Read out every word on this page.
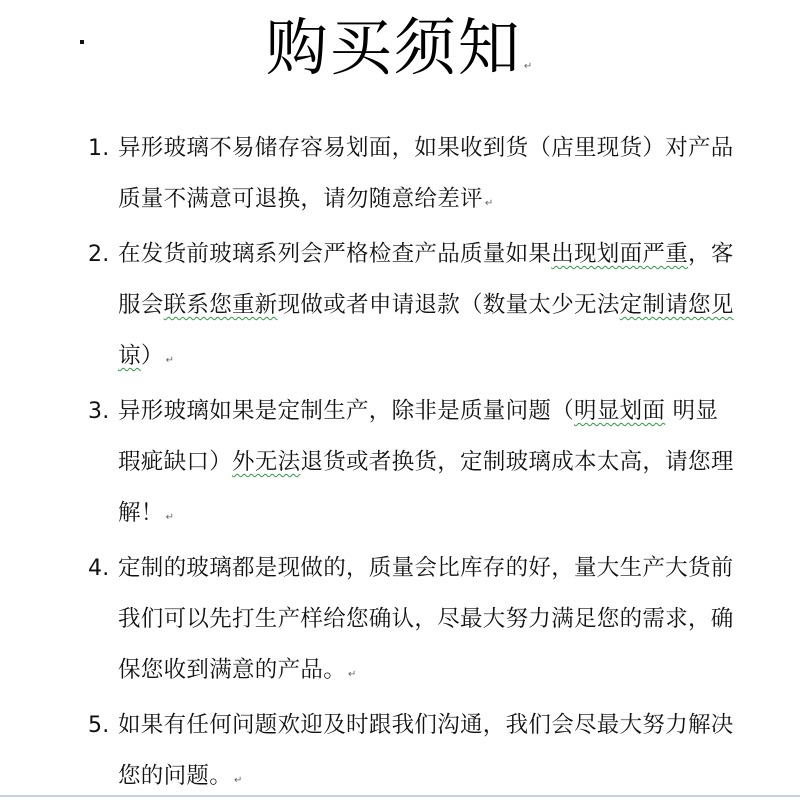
购买须知 ↵
1. 异形玻璃不易储存容易划面，如果收到货（店里现货）对产品质量不满意可退换，请勿随意给差评 ↵
2. 在发货前玻璃系列会严格检查产品质量如果出现划面严重，客服会联系您重新现做或者申请退款（数量太少无法定制请您见谅） ↵
3. 异形玻璃如果是定制生产，除非是质量问题（明显划面 明显瑕疵缺口）外无法退货或者换货，定制玻璃成本太高，请您理解！ ↵
4. 定制的玻璃都是现做的，质量会比库存的好，量大生产大货前我们可以先打生产样给您确认，尽最大努力满足您的需求，确保您收到满意的产品。 ↵
5. 如果有任何问题欢迎及时跟我们沟通，我们会尽最大努力解决您的问题。 ↵
